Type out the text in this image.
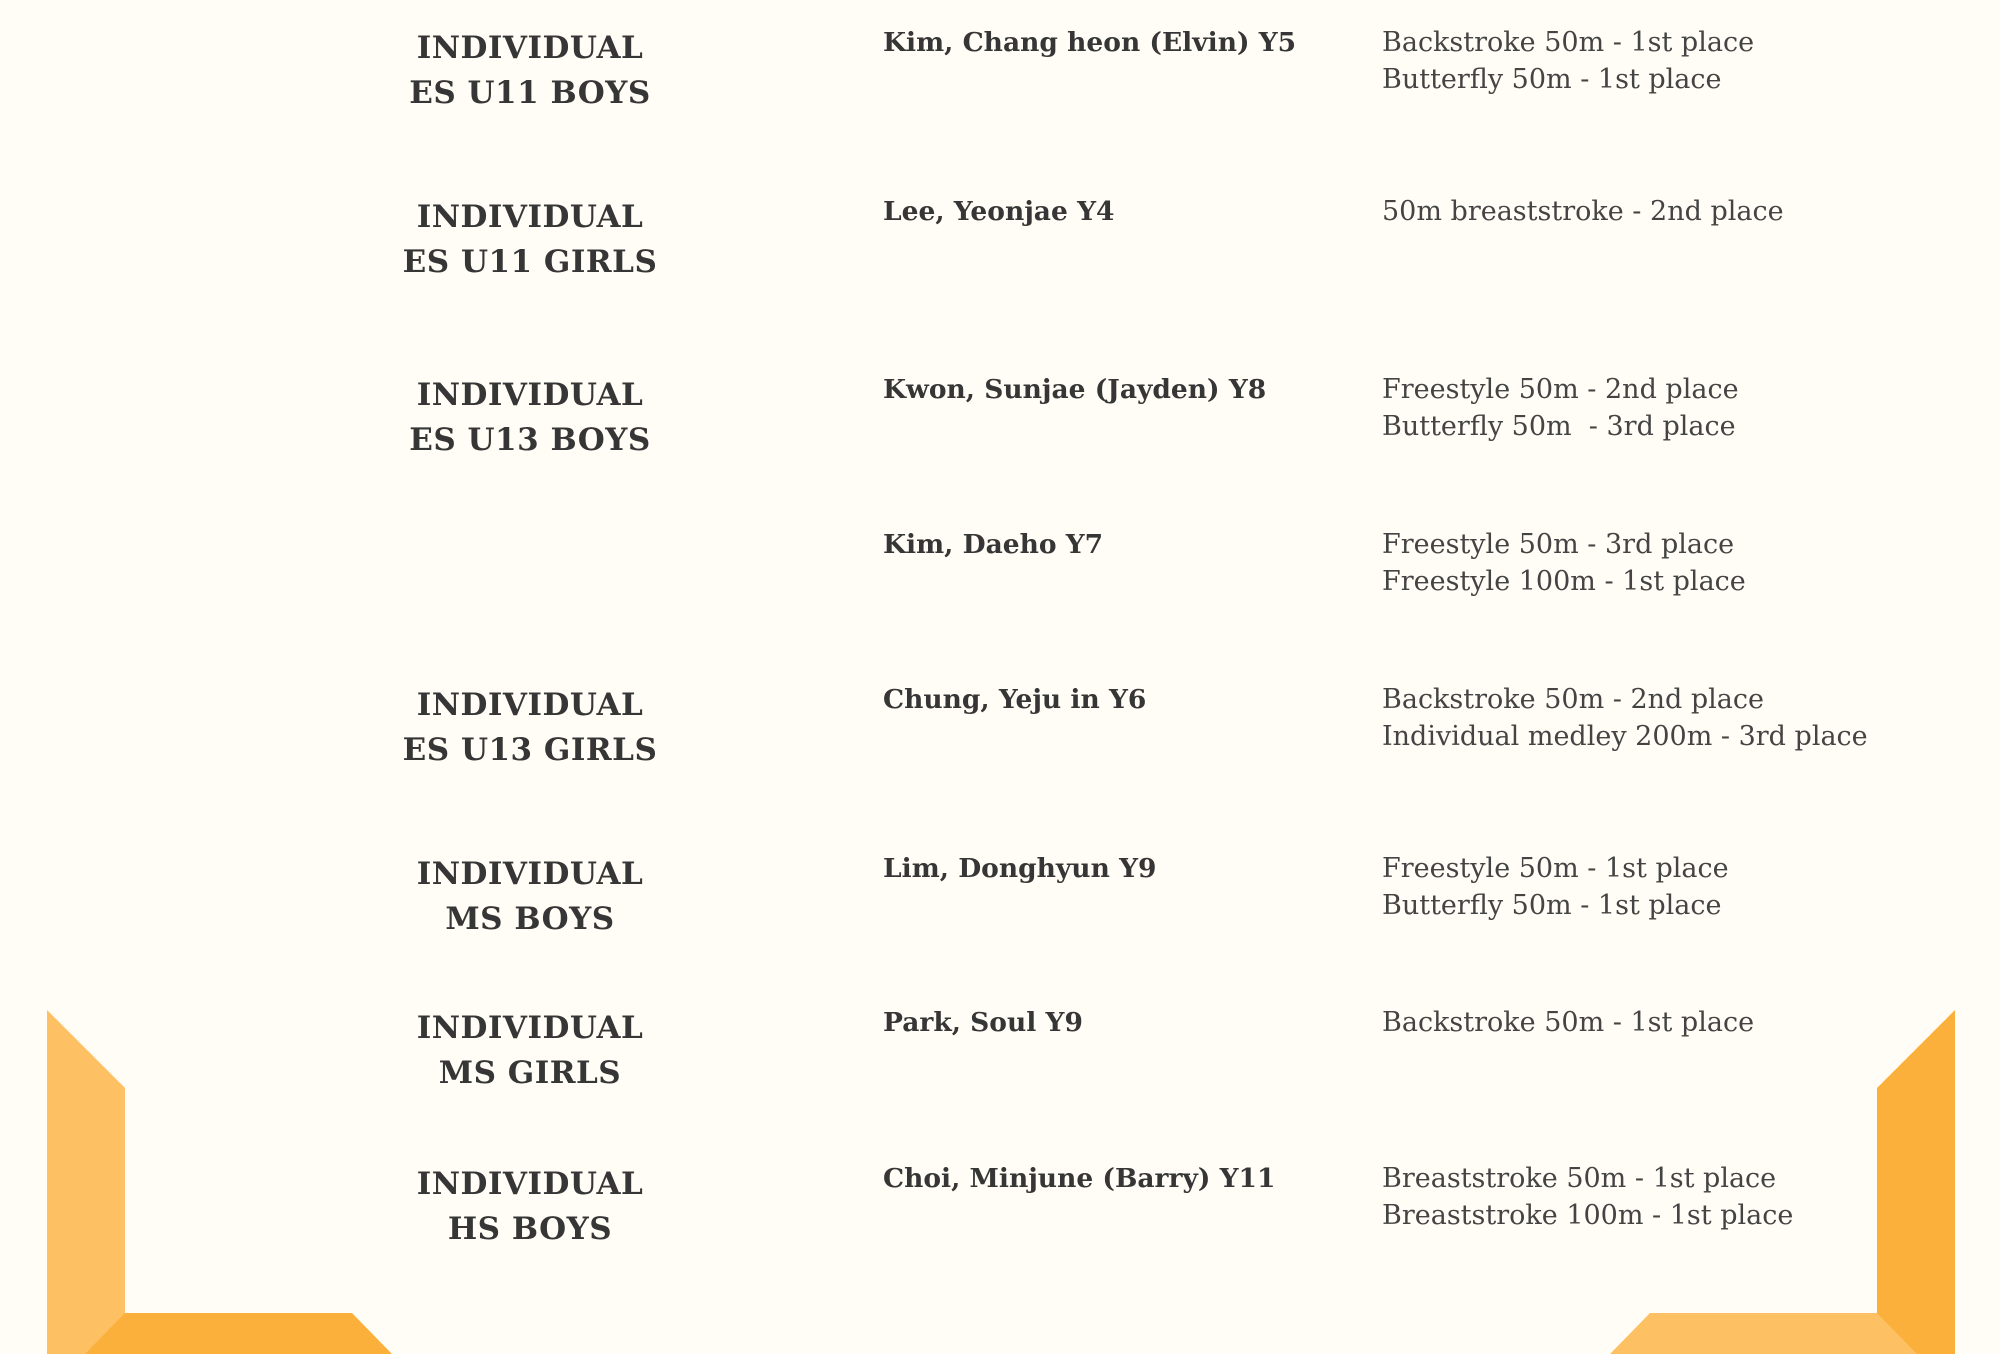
INDIVIDUAL
ES U11 BOYS
Kim, Chang heon (Elvin) Y5	Backstroke 50m - 1st place
Butterfly 50m - 1st place
INDIVIDUAL
ES U11 GIRLS
Lee, Yeonjae Y4	50m breaststroke - 2nd place
INDIVIDUAL
ES U13 BOYS
Kwon, Sunjae (Jayden) Y8	Freestyle 50m - 2nd place
Butterfly 50m  - 3rd place
Kim, Daeho Y7	Freestyle 50m - 3rd place
Freestyle 100m - 1st place
INDIVIDUAL
ES U13 GIRLS
Chung, Yeju in Y6	Backstroke 50m - 2nd place
Individual medley 200m - 3rd place
INDIVIDUAL
MS BOYS
Lim, Donghyun Y9	Freestyle 50m - 1st place
Butterfly 50m - 1st place
INDIVIDUAL
MS GIRLS
Park, Soul Y9	Backstroke 50m - 1st place
INDIVIDUAL
HS BOYS
Choi, Minjune (Barry) Y11	Breaststroke 50m - 1st place
Breaststroke 100m - 1st place
